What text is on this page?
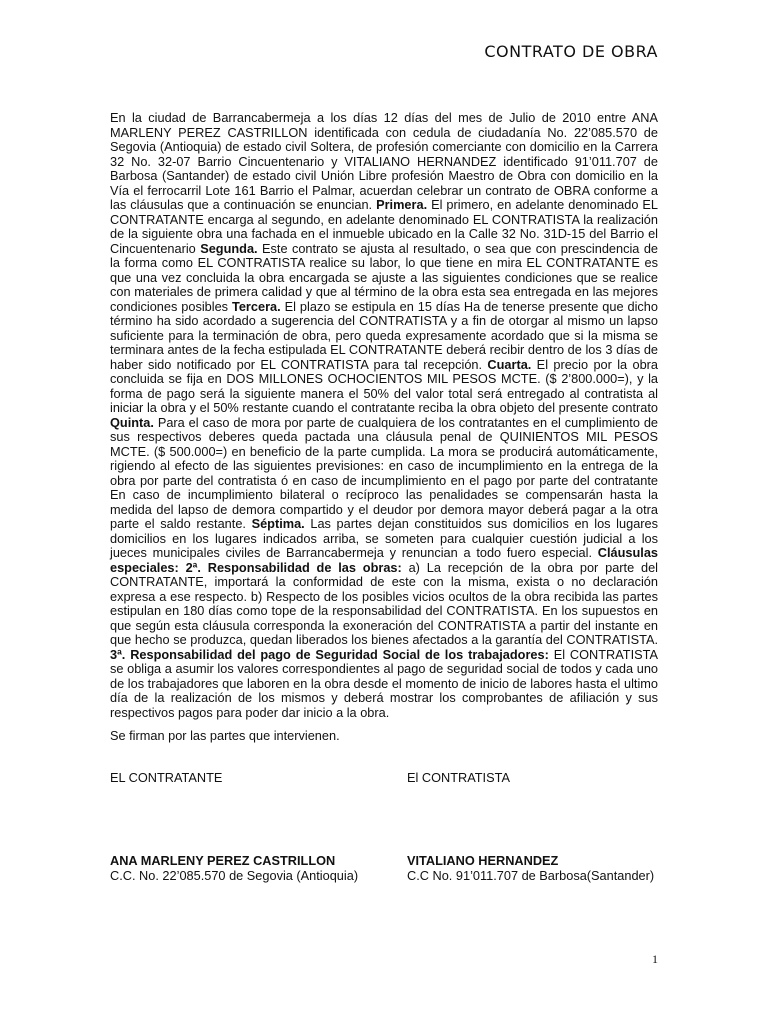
CONTRATO DE OBRA
En la ciudad de Barrancabermeja a los días 12 días del mes de Julio de 2010 entre ANA MARLENY PEREZ CASTRILLON identificada con cedula de ciudadanía No. 22’085.570 de Segovia (Antioquia) de estado civil Soltera, de profesión comerciante con domicilio en la Carrera 32 No. 32-07 Barrio Cincuentenario y VITALIANO HERNANDEZ identificado 91’011.707 de Barbosa (Santander) de estado civil Unión Libre profesión Maestro de Obra con domicilio en la Vía el ferrocarril Lote 161 Barrio el Palmar, acuerdan celebrar un contrato de OBRA conforme a las cláusulas que a continuación se enuncian. Primera. El primero, en adelante denominado EL CONTRATANTE encarga al segundo, en adelante denominado EL CONTRATISTA la realización de la siguiente obra una fachada en el inmueble ubicado en la Calle 32 No. 31D-15 del Barrio el Cincuentenario Segunda. Este contrato se ajusta al resultado, o sea que con prescindencia de la forma como EL CONTRATISTA realice su labor, lo que tiene en mira EL CONTRATANTE es que una vez concluida la obra encargada se ajuste a las siguientes condiciones que se realice con materiales de primera calidad y que al término de la obra esta sea entregada en las mejores condiciones posibles Tercera. El plazo se estipula en 15 días Ha de tenerse presente que dicho término ha sido acordado a sugerencia del CONTRATISTA y a fin de otorgar al mismo un lapso suficiente para la terminación de obra, pero queda expresamente acordado que si la misma se terminara antes de la fecha estipulada EL CONTRATANTE deberá recibir dentro de los 3 días de haber sido notificado por EL CONTRATISTA para tal recepción. Cuarta. El precio por la obra concluida se fija en DOS MILLONES OCHOCIENTOS MIL PESOS MCTE. ($ 2’800.000=), y la forma de pago será la siguiente manera el 50% del valor total será entregado al contratista al iniciar la obra y el 50% restante cuando el contratante reciba la obra objeto del presente contrato Quinta. Para el caso de mora por parte de cualquiera de los contratantes en el cumplimiento de sus respectivos deberes queda pactada una cláusula penal de QUINIENTOS MIL PESOS MCTE. ($ 500.000=) en beneficio de la parte cumplida. La mora se producirá automáticamente, rigiendo al efecto de las siguientes previsiones: en caso de incumplimiento en la entrega de la obra por parte del contratista ó en caso de incumplimiento en el pago por parte del contratante En caso de incumplimiento bilateral o recíproco las penalidades se compensarán hasta la medida del lapso de demora compartido y el deudor por demora mayor deberá pagar a la otra parte el saldo restante. Séptima. Las partes dejan constituidos sus domicilios en los lugares domicilios en los lugares indicados arriba, se someten para cualquier cuestión judicial a los jueces municipales civiles de Barrancabermeja y renuncian a todo fuero especial. Cláusulas especiales: 2ª. Responsabilidad de las obras: a) La recepción de la obra por parte del CONTRATANTE, importará la conformidad de este con la misma, exista o no declaración expresa a ese respecto. b) Respecto de los posibles vicios ocultos de la obra recibida las partes estipulan en 180 días como tope de la responsabilidad del CONTRATISTA. En los supuestos en que según esta cláusula corresponda la exoneración del CONTRATISTA a partir del instante en que hecho se produzca, quedan liberados los bienes afectados a la garantía del CONTRATISTA. 3ª. Responsabilidad del pago de Seguridad Social de los trabajadores: El CONTRATISTA se obliga a asumir los valores correspondientes al pago de seguridad social de todos y cada uno de los trabajadores que laboren en la obra desde el momento de inicio de labores hasta el ultimo día de la realización de los mismos y deberá mostrar los comprobantes de afiliación y sus respectivos pagos para poder dar inicio a la obra.
Se firman por las partes que intervienen.
EL CONTRATANTE	El CONTRATISTA
ANA MARLENY PEREZ CASTRILLON	VITALIANO HERNANDEZ
C.C. No. 22’085.570 de Segovia (Antioquia)	C.C No. 91’011.707 de Barbosa(Santander)
1
